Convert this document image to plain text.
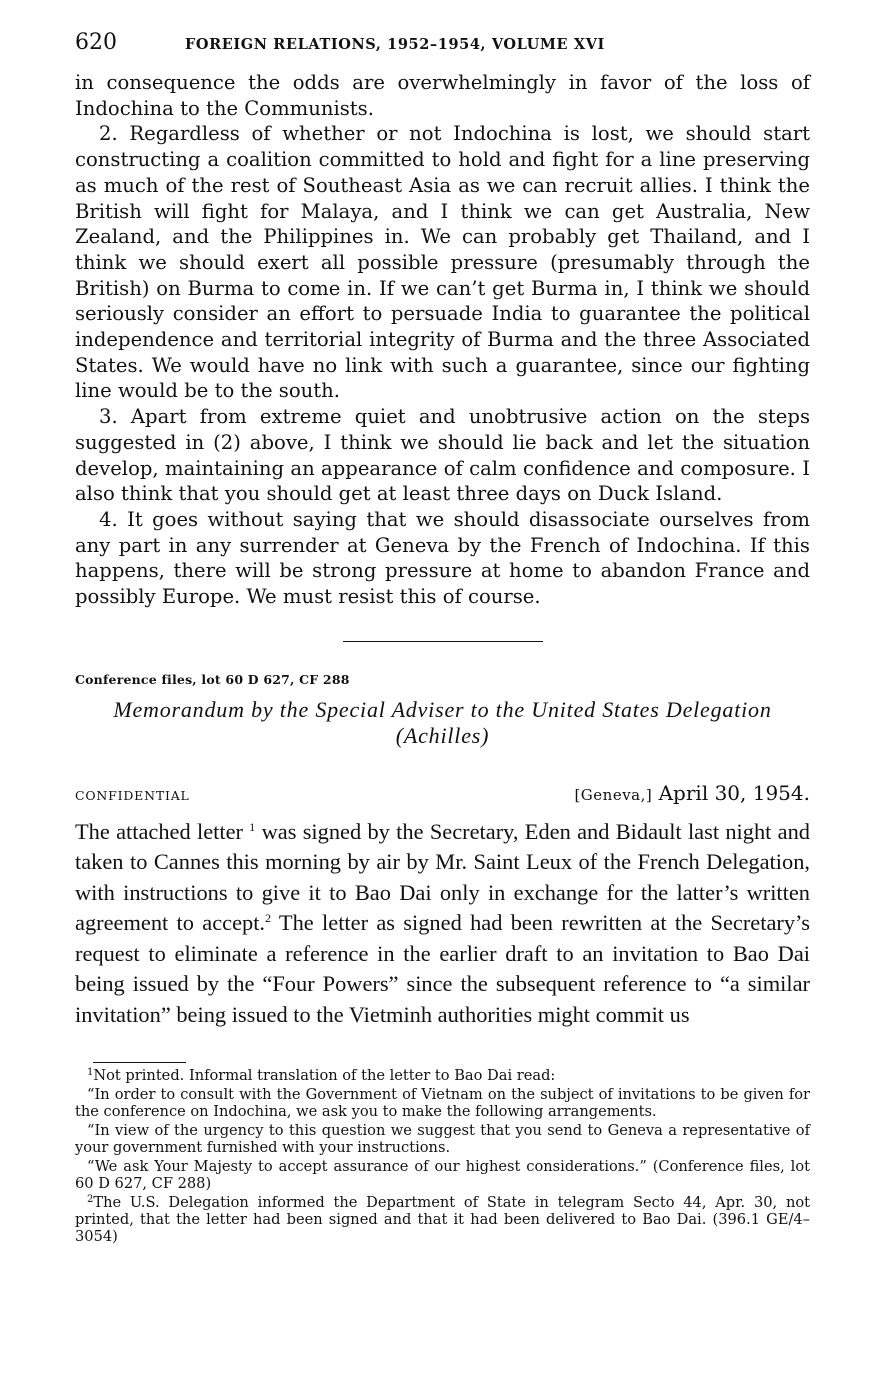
620	FOREIGN RELATIONS, 1952–1954, VOLUME XVI

in consequence the odds are overwhelmingly in favor of the loss of Indochina to the Communists.

2. Regardless of whether or not Indochina is lost, we should start constructing a coalition committed to hold and fight for a line preserving as much of the rest of Southeast Asia as we can recruit allies. I think the British will fight for Malaya, and I think we can get Australia, New Zealand, and the Philippines in. We can probably get Thailand, and I think we should exert all possible pressure (presumably through the British) on Burma to come in. If we can’t get Burma in, I think we should seriously consider an effort to persuade India to guarantee the political independence and territorial integrity of Burma and the three Associated States. We would have no link with such a guarantee, since our fighting line would be to the south.

3. Apart from extreme quiet and unobtrusive action on the steps suggested in (2) above, I think we should lie back and let the situation develop, maintaining an appearance of calm confidence and composure. I also think that you should get at least three days on Duck Island.

4. It goes without saying that we should disassociate ourselves from any part in any surrender at Geneva by the French of Indochina. If this happens, there will be strong pressure at home to abandon France and possibly Europe. We must resist this of course.

Conference files, lot 60 D 627, CF 288

Memorandum by the Special Adviser to the United States Delegation

(Achilles)

CONFIDENTIAL	[Geneva,] April 30, 1954.

The attached letter $^1$ was signed by the Secretary, Eden and Bidault last night and taken to Cannes this morning by air by Mr. Saint Leux of the French Delegation, with instructions to give it to Bao Dai only in exchange for the latter’s written agreement to accept.$^2$ The letter as signed had been rewritten at the Secretary’s request to eliminate a reference in the earlier draft to an invitation to Bao Dai being issued by the “Four Powers” since the subsequent reference to “a similar invitation” being issued to the Vietminh authorities might commit us

$^1$Not printed. Informal translation of the letter to Bao Dai read:

“In order to consult with the Government of Vietnam on the subject of invitations to be given for the conference on Indochina, we ask you to make the following arrangements.

“In view of the urgency to this question we suggest that you send to Geneva a representative of your government furnished with your instructions.

“We ask Your Majesty to accept assurance of our highest considerations.” (Conference files, lot 60 D 627, CF 288)

$^2$The U.S. Delegation informed the Department of State in telegram Secto 44, Apr. 30, not printed, that the letter had been signed and that it had been delivered to Bao Dai. (396.1 GE/4–3054)
